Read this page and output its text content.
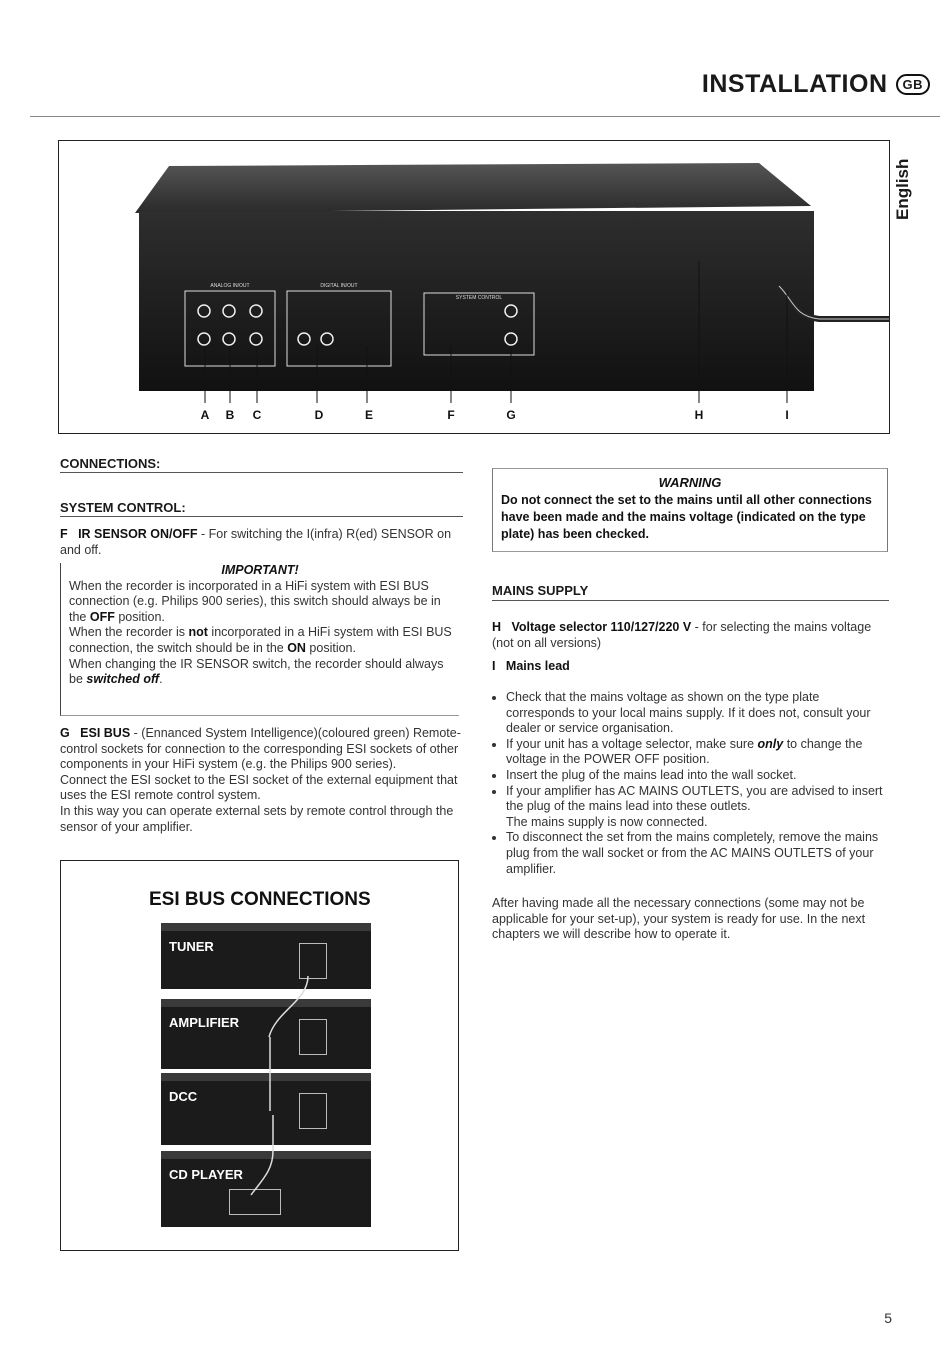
INSTALLATION	GB
English
ANALOG IN/OUT	DIGITAL IN/OUT
SYSTEM CONTROL
A B C	D	E	F	G	H	I
CONNECTIONS:
SYSTEM CONTROL:
F IR SENSOR ON/OFF - For switching the I(infra) R(ed) SENSOR on and off.
IMPORTANT!
When the recorder is incorporated in a HiFi system with ESI BUS connection (e.g. Philips 900 series), this switch should always be in the OFF position.
When the recorder is not incorporated in a HiFi system with ESI BUS connection, the switch should be in the ON position.
When changing the IR SENSOR switch, the recorder should always be switched off.
G ESI BUS - (Ennanced System Intelligence)(coloured green) Remote-control sockets for connection to the corresponding ESI sockets of other components in your HiFi system (e.g. the Philips 900 series).
Connect the ESI socket to the ESI socket of the external equipment that uses the ESI remote control system.
In this way you can operate external sets by remote control through the sensor of your amplifier.
ESI BUS CONNECTIONS
TUNER
AMPLIFIER
DCC
CD PLAYER
WARNING
Do not connect the set to the mains until all other connections have been made and the mains voltage (indicated on the type plate) has been checked.
MAINS SUPPLY
H Voltage selector 110/127/220 V - for selecting the mains voltage (not on all versions)
I Mains lead
• Check that the mains voltage as shown on the type plate corresponds to your local mains supply. If it does not, consult your dealer or service organisation.
• If your unit has a voltage selector, make sure only to change the voltage in the POWER OFF position.
• Insert the plug of the mains lead into the wall socket.
• If your amplifier has AC MAINS OUTLETS, you are advised to insert the plug of the mains lead into these outlets.
The mains supply is now connected.
• To disconnect the set from the mains completely, remove the mains plug from the wall socket or from the AC MAINS OUTLETS of your amplifier.
After having made all the necessary connections (some may not be applicable for your set-up), your system is ready for use. In the next chapters we will describe how to operate it.
5
